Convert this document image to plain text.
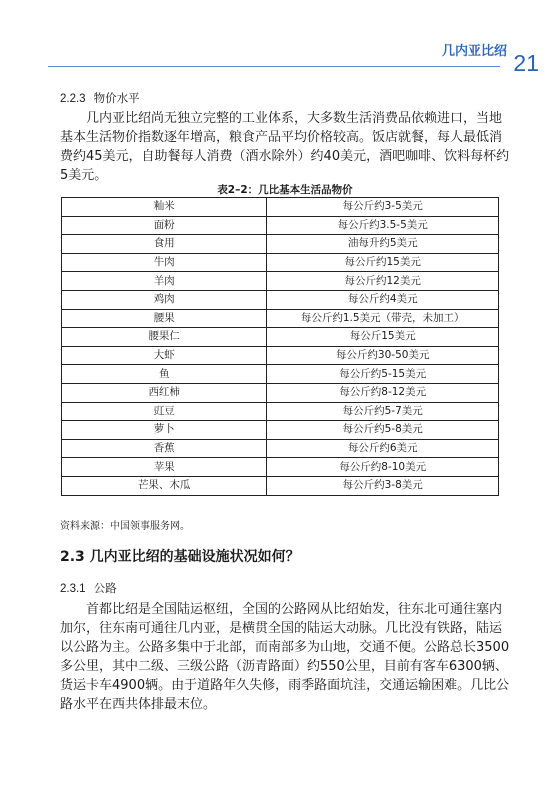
几内亚比绍 21
2.2.3 物价水平

几内亚比绍尚无独立完整的工业体系，大多数生活消费品依赖进口，当地基本生活物价指数逐年增高，粮食产品平均价格较高。饭店就餐，每人最低消费约45美元，自助餐每人消费（酒水除外）约40美元，酒吧咖啡、饮料每杯约5美元。

表2–2：几比基本生活品物价
籼米	每公斤约3-5美元
面粉	每公斤约3.5-5美元
食用	油每升约5美元
牛肉	每公斤约15美元
羊肉	每公斤约12美元
鸡肉	每公斤约4美元
腰果	每公斤约1.5美元（带壳，未加工）
腰果仁	每公斤15美元
大虾	每公斤约30-50美元
鱼	每公斤约5-15美元
西红柿	每公斤约8-12美元
豇豆	每公斤约5-7美元
萝卜	每公斤约5-8美元
香蕉	每公斤约6美元
苹果	每公斤约8-10美元
芒果、木瓜	每公斤约3-8美元
资料来源：中国领事服务网。
2.3 几内亚比绍的基础设施状况如何？
2.3.1 公路

首都比绍是全国陆运枢纽，全国的公路网从比绍始发，往东北可通往塞内加尔，往东南可通往几内亚，是横贯全国的陆运大动脉。几比没有铁路，陆运以公路为主。公路多集中于北部，而南部多为山地，交通不便。公路总长3500多公里，其中二级、三级公路（沥青路面）约550公里，目前有客车6300辆、货运卡车4900辆。由于道路年久失修，雨季路面坑洼，交通运输困难。几比公路水平在西共体排最末位。
